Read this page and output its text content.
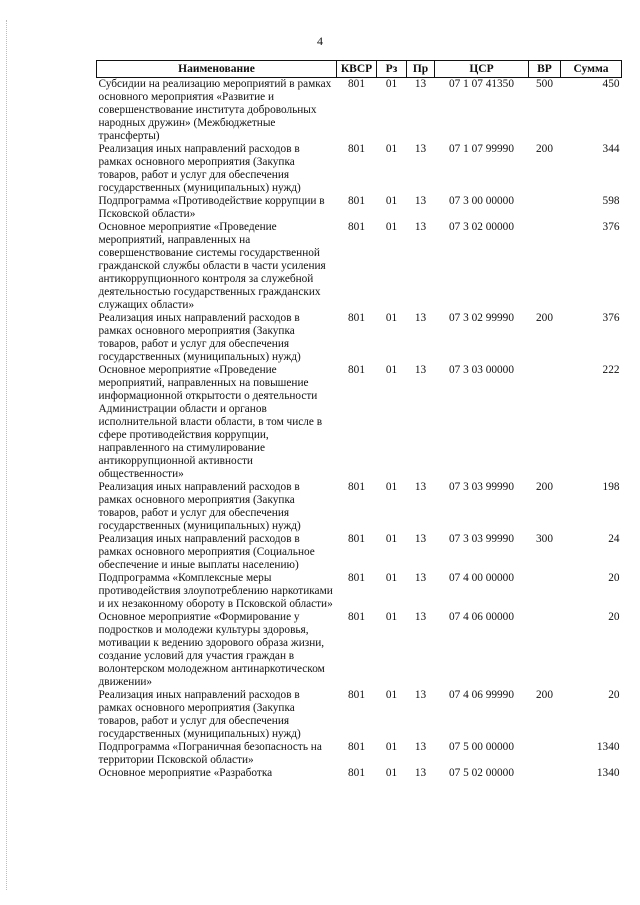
4
Наименование	КВСР	Рз	Пр	ЦСР	ВР	Сумма
Субсидии на реализацию мероприятий в рамках основного мероприятия «Развитие и совершенствование института добровольных народных дружин» (Межбюджетные трансферты)	801	01	13	07 1 07 41350	500	450
Реализация иных направлений расходов в рамках основного мероприятия (Закупка товаров, работ и услуг для обеспечения государственных (муниципальных) нужд)	801	01	13	07 1 07 99990	200	344
Подпрограмма «Противодействие коррупции в Псковской области»	801	01	13	07 3 00 00000		598
Основное мероприятие «Проведение мероприятий, направленных на совершенствование системы государственной гражданской службы области в части усиления антикоррупционного контроля за служебной деятельностью государственных гражданских служащих области»	801	01	13	07 3 02 00000		376
Реализация иных направлений расходов в рамках основного мероприятия (Закупка товаров, работ и услуг для обеспечения государственных (муниципальных) нужд)	801	01	13	07 3 02 99990	200	376
Основное мероприятие «Проведение мероприятий, направленных на повышение информационной открытости о деятельности Администрации области и органов исполнительной власти области, в том числе в сфере противодействия коррупции, направленного на стимулирование антикоррупционной активности общественности»	801	01	13	07 3 03 00000		222
Реализация иных направлений расходов в рамках основного мероприятия (Закупка товаров, работ и услуг для обеспечения государственных (муниципальных) нужд)	801	01	13	07 3 03 99990	200	198
Реализация иных направлений расходов в рамках основного мероприятия (Социальное обеспечение и иные выплаты населению)	801	01	13	07 3 03 99990	300	24
Подпрограмма «Комплексные меры противодействия злоупотреблению наркотиками и их незаконному обороту в Псковской области»	801	01	13	07 4 00 00000		20
Основное мероприятие «Формирование у подростков и молодежи культуры здоровья, мотивации к ведению здорового образа жизни, создание условий для участия граждан в волонтерском молодежном антинаркотическом движении»	801	01	13	07 4 06 00000		20
Реализация иных направлений расходов в рамках основного мероприятия (Закупка товаров, работ и услуг для обеспечения государственных (муниципальных) нужд)	801	01	13	07 4 06 99990	200	20
Подпрограмма «Пограничная безопасность на территории Псковской области»	801	01	13	07 5 00 00000		1340
Основное мероприятие «Разработка	801	01	13	07 5 02 00000		1340
